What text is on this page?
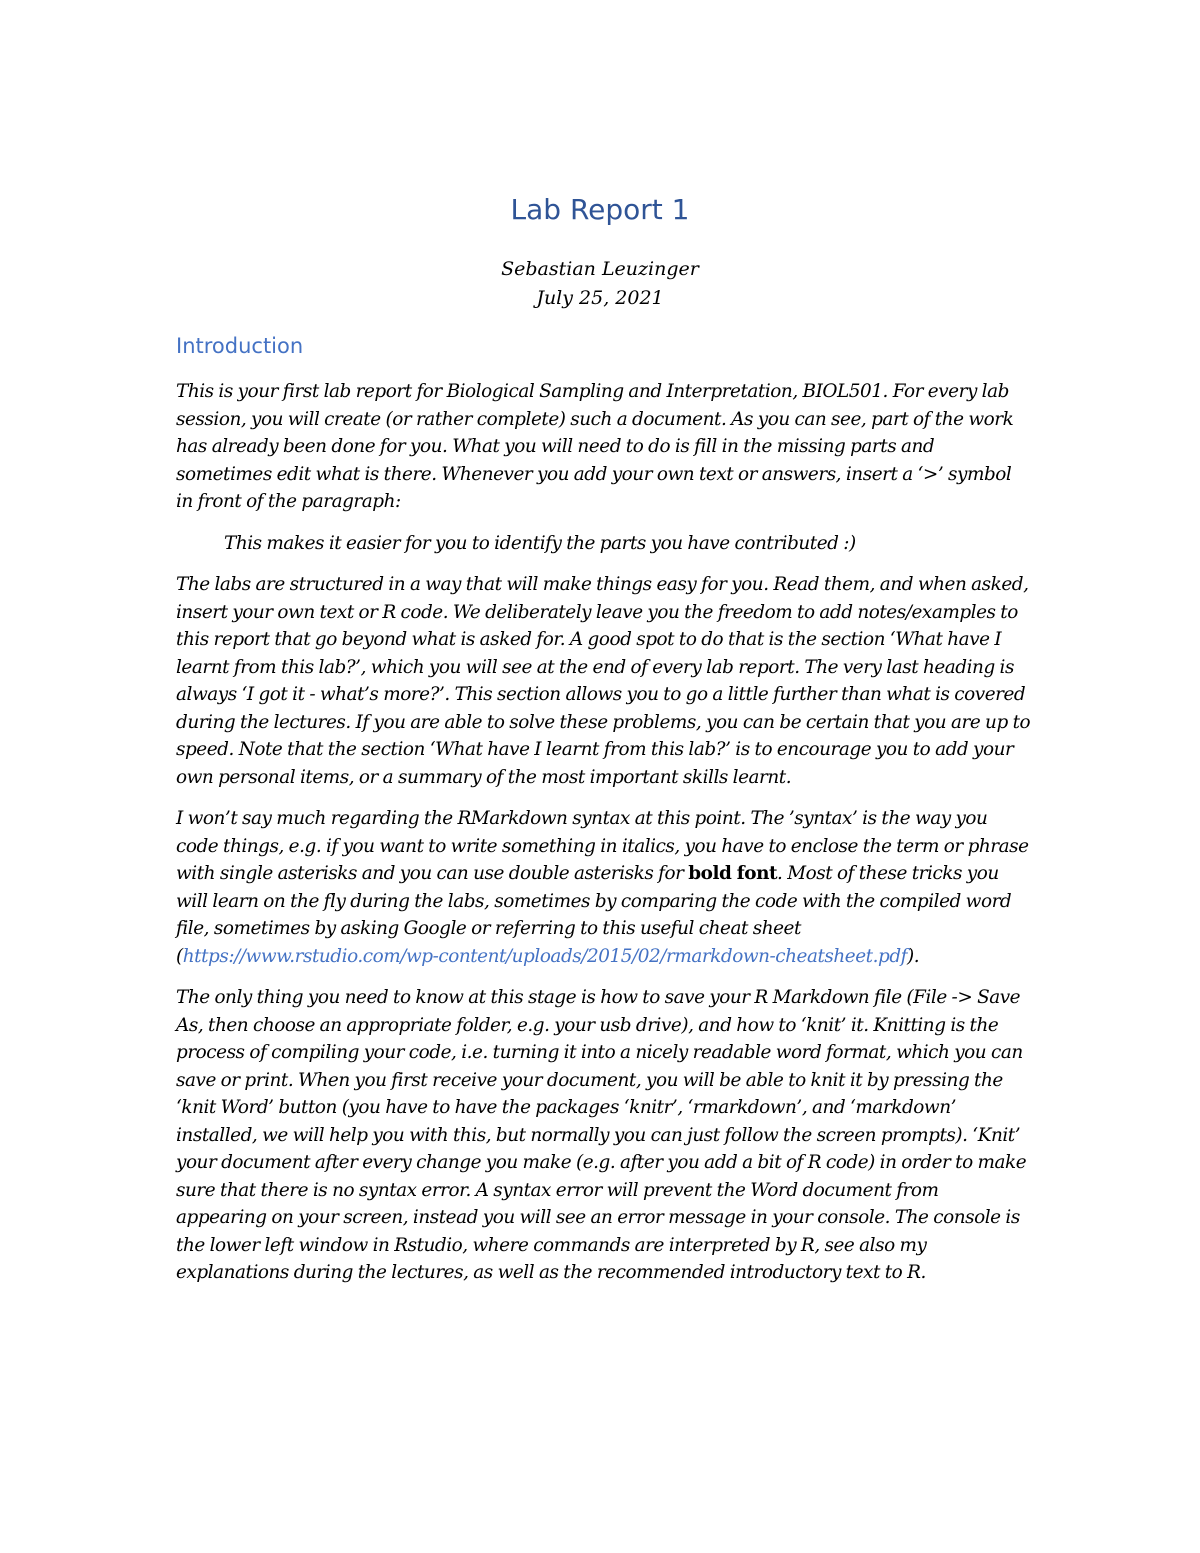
Lab Report 1
Sebastian Leuzinger
July 25, 2021
Introduction

This is your first lab report for Biological Sampling and Interpretation, BIOL501. For every lab session, you will create (or rather complete) such a document. As you can see, part of the work has already been done for you. What you will need to do is fill in the missing parts and sometimes edit what is there. Whenever you add your own text or answers, insert a ‘>’ symbol in front of the paragraph:

This makes it easier for you to identify the parts you have contributed :)

The labs are structured in a way that will make things easy for you. Read them, and when asked, insert your own text or R code. We deliberately leave you the freedom to add notes/examples to this report that go beyond what is asked for. A good spot to do that is the section ‘What have I learnt from this lab?’, which you will see at the end of every lab report. The very last heading is always ‘I got it - what’s more?’. This section allows you to go a little further than what is covered during the lectures. If you are able to solve these problems, you can be certain that you are up to speed. Note that the section ‘What have I learnt from this lab?’ is to encourage you to add your own personal items, or a summary of the most important skills learnt.

I won’t say much regarding the RMarkdown syntax at this point. The ’syntax’ is the way you code things, e.g. if you want to write something in italics, you have to enclose the term or phrase with single asterisks and you can use double asterisks for bold font. Most of these tricks you will learn on the fly during the labs, sometimes by comparing the code with the compiled word file, sometimes by asking Google or referring to this useful cheat sheet (https://www.rstudio.com/wp-content/uploads/2015/02/rmarkdown-cheatsheet.pdf).

The only thing you need to know at this stage is how to save your R Markdown file (File -> Save As, then choose an appropriate folder, e.g. your usb drive), and how to ‘knit’ it. Knitting is the process of compiling your code, i.e. turning it into a nicely readable word format, which you can save or print. When you first receive your document, you will be able to knit it by pressing the ‘knit Word’ button (you have to have the packages ‘knitr’, ‘rmarkdown’, and ‘markdown’ installed, we will help you with this, but normally you can just follow the screen prompts). ‘Knit’ your document after every change you make (e.g. after you add a bit of R code) in order to make sure that there is no syntax error. A syntax error will prevent the Word document from appearing on your screen, instead you will see an error message in your console. The console is the lower left window in Rstudio, where commands are interpreted by R, see also my explanations during the lectures, as well as the recommended introductory text to R.
